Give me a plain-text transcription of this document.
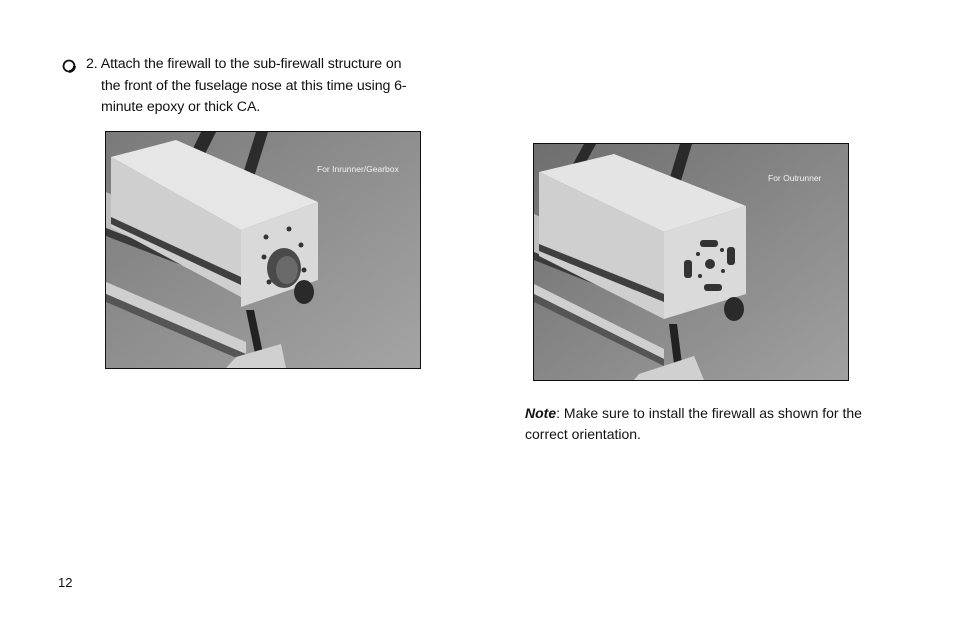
2. Attach the firewall to the sub-firewall structure on
the front of the fuselage nose at this time using 6-
minute epoxy or thick CA.
For Inrunner/Gearbox
For Outrunner
Note: Make sure to install the firewall as shown for the correct orientation.
12
